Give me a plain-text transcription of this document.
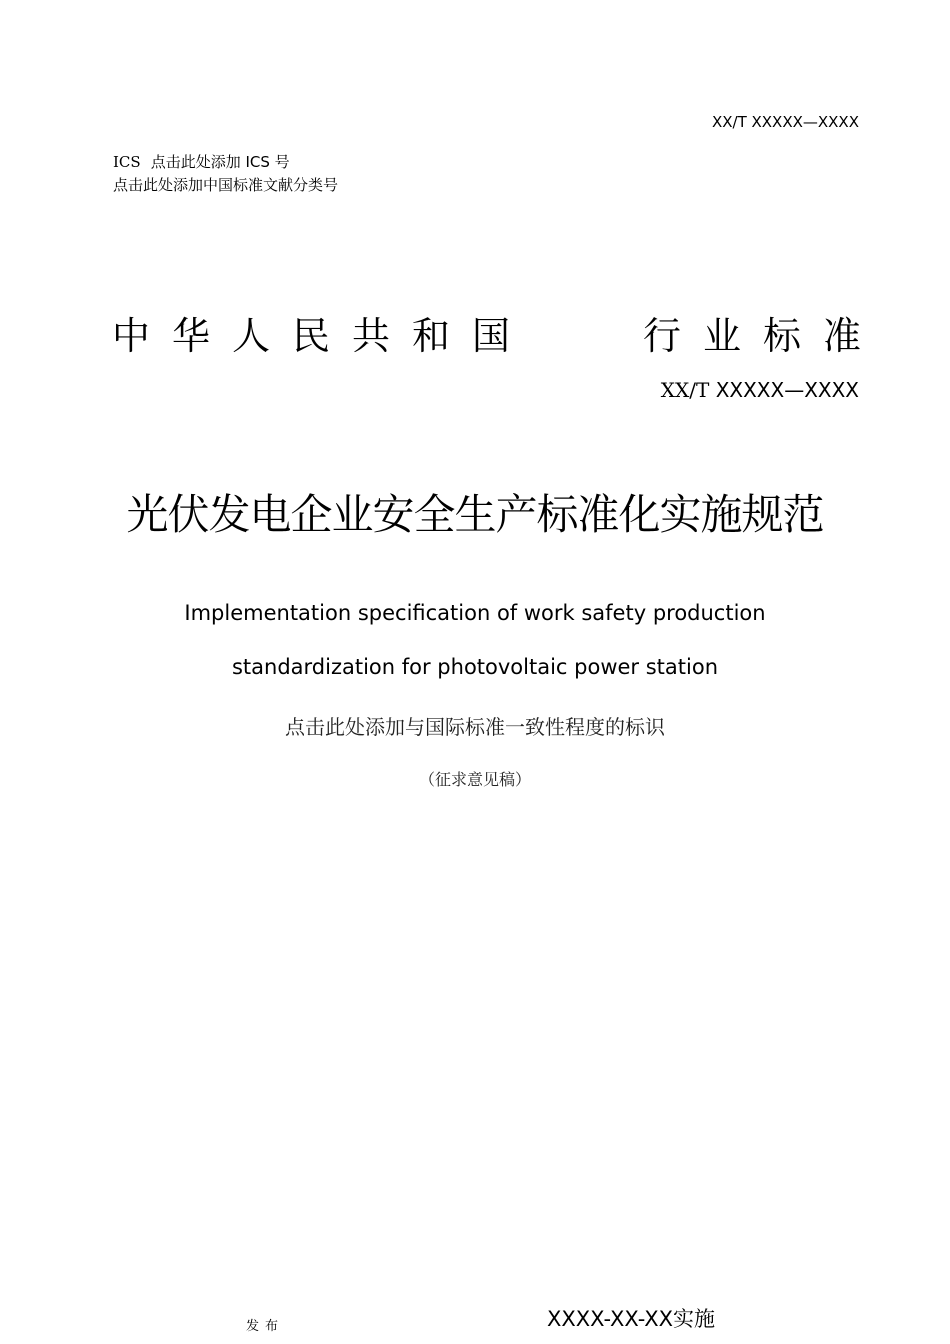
XX/T XXXXX—XXXX
ICS 点击此处添加 ICS 号
点击此处添加中国标准文献分类号
中华人民共和国	行业标准
XX/T XXXXX—XXXX
光伏发电企业安全生产标准化实施规范
Implementation specification of work safety production
standardization for photovoltaic power station
点击此处添加与国际标准一致性程度的标识
（征求意见稿）
发布	XXXX-XX-XX实施
